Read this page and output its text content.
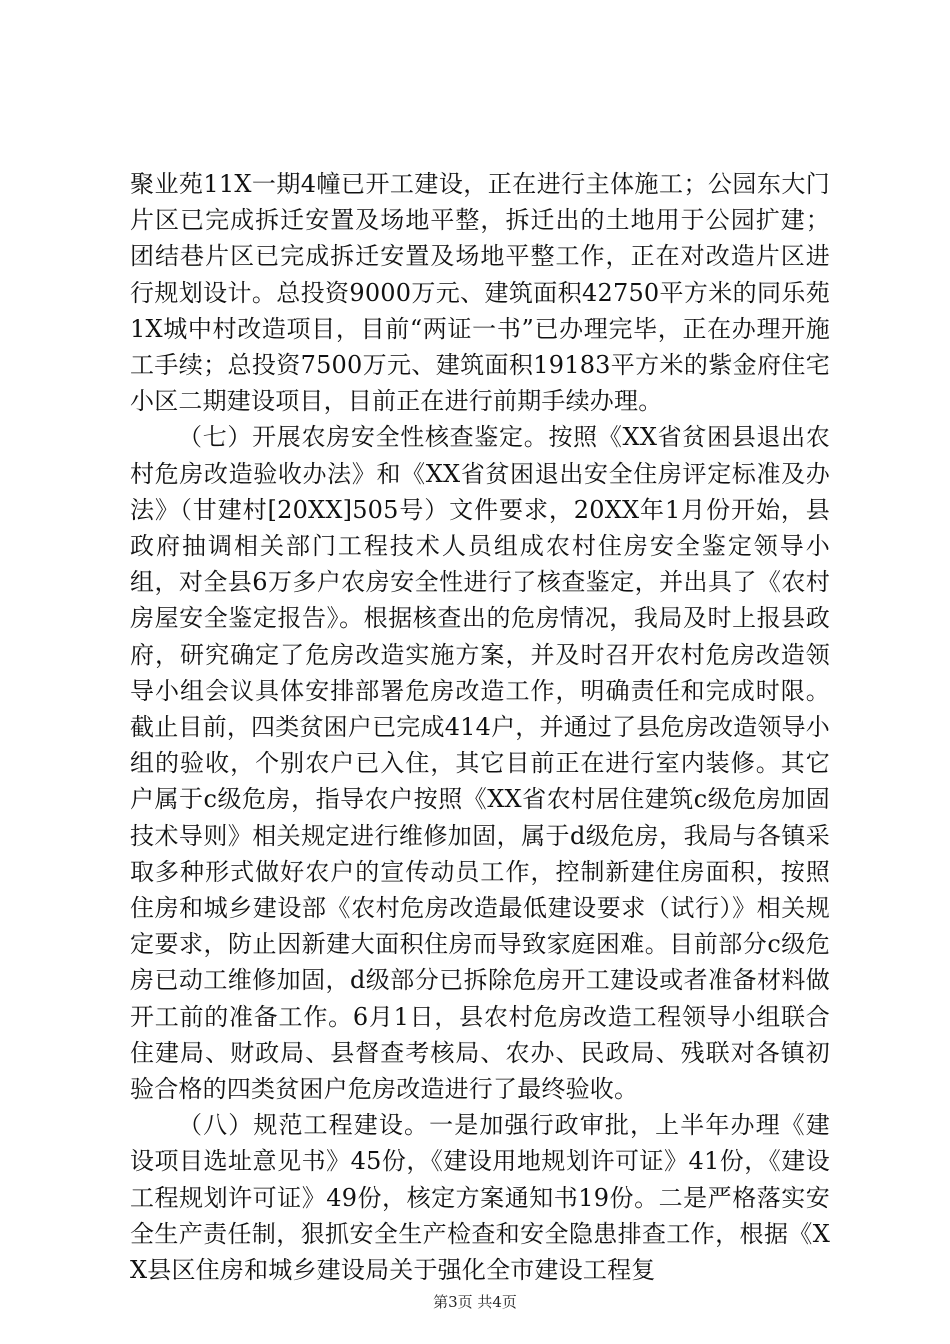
聚业苑11X一期4幢已开工建设，正在进行主体施工；公园东大门片区已完成拆迁安置及场地平整，拆迁出的土地用于公园扩建；团结巷片区已完成拆迁安置及场地平整工作，正在对改造片区进行规划设计。总投资9000万元、建筑面积42750平方米的同乐苑1X城中村改造项目，目前“两证一书”已办理完毕，正在办理开施工手续；总投资7500万元、建筑面积19183平方米的紫金府住宅小区二期建设项目，目前正在进行前期手续办理。

（七）开展农房安全性核查鉴定。按照《XX省贫困县退出农村危房改造验收办法》和《XX省贫困退出安全住房评定标准及办法》（甘建村[20XX]505号）文件要求，20XX年1月份开始，县政府抽调相关部门工程技术人员组成农村住房安全鉴定领导小组，对全县6万多户农房安全性进行了核查鉴定，并出具了《农村房屋安全鉴定报告》。根据核查出的危房情况，我局及时上报县政府，研究确定了危房改造实施方案，并及时召开农村危房改造领导小组会议具体安排部署危房改造工作，明确责任和完成时限。截止目前，四类贫困户已完成414户，并通过了县危房改造领导小组的验收，个别农户已入住，其它目前正在进行室内装修。其它户属于c级危房，指导农户按照《XX省农村居住建筑c级危房加固技术导则》相关规定进行维修加固，属于d级危房，我局与各镇采取多种形式做好农户的宣传动员工作，控制新建住房面积，按照住房和城乡建设部《农村危房改造最低建设要求（试行）》相关规定要求，防止因新建大面积住房而导致家庭困难。目前部分c级危房已动工维修加固，d级部分已拆除危房开工建设或者准备材料做开工前的准备工作。6月1日，县农村危房改造工程领导小组联合住建局、财政局、县督查考核局、农办、民政局、残联对各镇初验合格的四类贫困户危房改造进行了最终验收。

（八）规范工程建设。一是加强行政审批，上半年办理《建设项目选址意见书》45份，《建设用地规划许可证》41份，《建设工程规划许可证》49份，核定方案通知书19份。二是严格落实安全生产责任制，狠抓安全生产检查和安全隐患排查工作，根据《XX县区住房和城乡建设局关于强化全市建设工程复

第3页 共4页
